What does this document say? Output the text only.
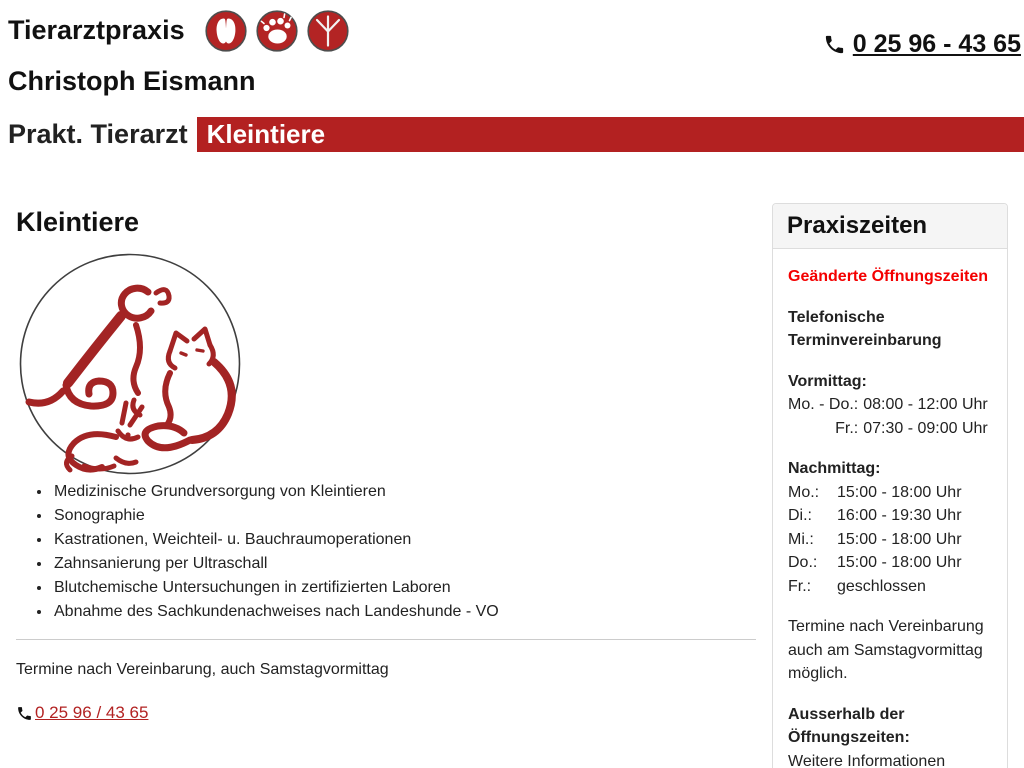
Tierarztpraxis
Christoph Eismann
0 25 96 - 43 65
Prakt. Tierarzt Kleintiere
Kleintiere
• Medizinische Grundversorgung von Kleintieren
• Sonographie
• Kastrationen, Weichteil- u. Bauchraumoperationen
• Zahnsanierung per Ultraschall
• Blutchemische Untersuchungen in zertifizierten Laboren
• Abnahme des Sachkundenachweises nach Landeshunde - VO

Termine nach Vereinbarung, auch Samstagvormittag

0 25 96 / 43 65
Praxiszeiten
Geänderte Öffnungszeiten
Telefonische Terminvereinbarung
Vormittag:
Mo. - Do.: 08:00 - 12:00 Uhr
Fr.: 07:30 - 09:00 Uhr
Nachmittag:
Mo.:	15:00 - 18:00 Uhr
Di.:	16:00 - 19:30 Uhr
Mi.:	15:00 - 18:00 Uhr
Do.:	15:00 - 18:00 Uhr
Fr.:	geschlossen
Termine nach Vereinbarung auch am Samstagvormittag möglich.
Ausserhalb der Öffnungszeiten:
Weitere Informationen
